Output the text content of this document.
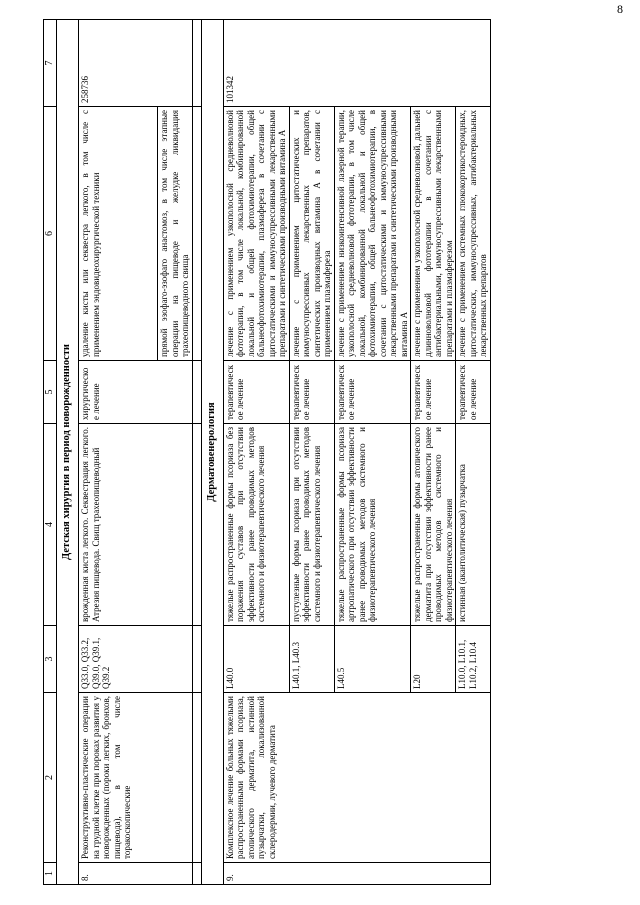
8
1	2	3	4	5	6	7
Детская хирургия в период новорожденности						
8.	Реконструктивно-пластические операции на грудной клетке при пороках развития у новорожденных (пороки легких, бронхов, пищевода), в том числе торакоскопические	Q33.0, Q33.2, Q39.0, Q39.1, Q39.2	врожденная киста легкого. Секвестрация легкого. Атрезия пищевода. Свищ трахеопищеводный	хирургическое лечение	удаление кисты или секвестра легкого, в том числе с применением эндовидеохирургической техники	258736
					прямой эзофаго-эзофаго анастомоз, в том числе этапные операции на пищеводе и желудке ликвидация трахеопищеводного свища	

Дерматовенерология						
9.	Комплексное лечение больных тяжелыми распространенными формами псориаза, атопического дерматита, истинной пузырчатки, локализованной склеродермии, лучевого дерматита	L40.0	тяжелые распространенные формы псориаза без поражения суставов при отсутствии эффективности ранее проводимых методов системного и физиотерапевтического лечения	терапевтическое лечение	лечение с применением узкополосной средневолновой фототерапии, в том числе локальной, комбинированной локальной и общей фотохимиотерапии, общей бальнеофотохимиотерапии, плазмафереза в сочетании с цитостатическими и иммуносупрессивными лекарственными препаратами и синтетическими производными витамина А	101342
		L40.1, L40.3	пустулезные формы псориаза при отсутствии эффективности ранее проводимых методов системного и физиотерапевтического лечения	терапевтическое лечение	лечение с применением цитостатических и иммуносупрессивных лекарственных препаратов, синтетических производных витамина А в сочетании с применением плазмафереза	
		L40.5	тяжелые распространенные формы псориаза артропатического при отсутствии эффективности ранее проводимых методов системного и физиотерапевтического лечения	терапевтическое лечение	лечение с применением низкоинтенсивной лазерной терапии, узкополосной средневолновой фототерапии, в том числе локальной, комбинированной локальной и общей фотохимиотерапии, общей бальнеофотохимиотерапии, в сочетании с цитостатическими и иммуносупрессивными лекарственными препаратами и синтетическими производными витамина А	
		L20	тяжелые распространенные формы атопического дерматита при отсутствии эффективности ранее проводимых методов системного и физиотерапевтического лечения	терапевтическое лечение	лечение с применением узкополосной средневолновой, дальней длинноволновой фототерапии в сочетании с антибактериальными, иммуносупрессивными лекарственными препаратами и плазмаферезом	
		L10.0, L10.1, L10.2, L10.4	истинная (акантолитическая) пузырчатка	терапевтическое лечение	лечение с применением системных глюкокортикостероидных, цитостатических, иммуносупрессивных, антибактериальных лекарственных препаратов	
